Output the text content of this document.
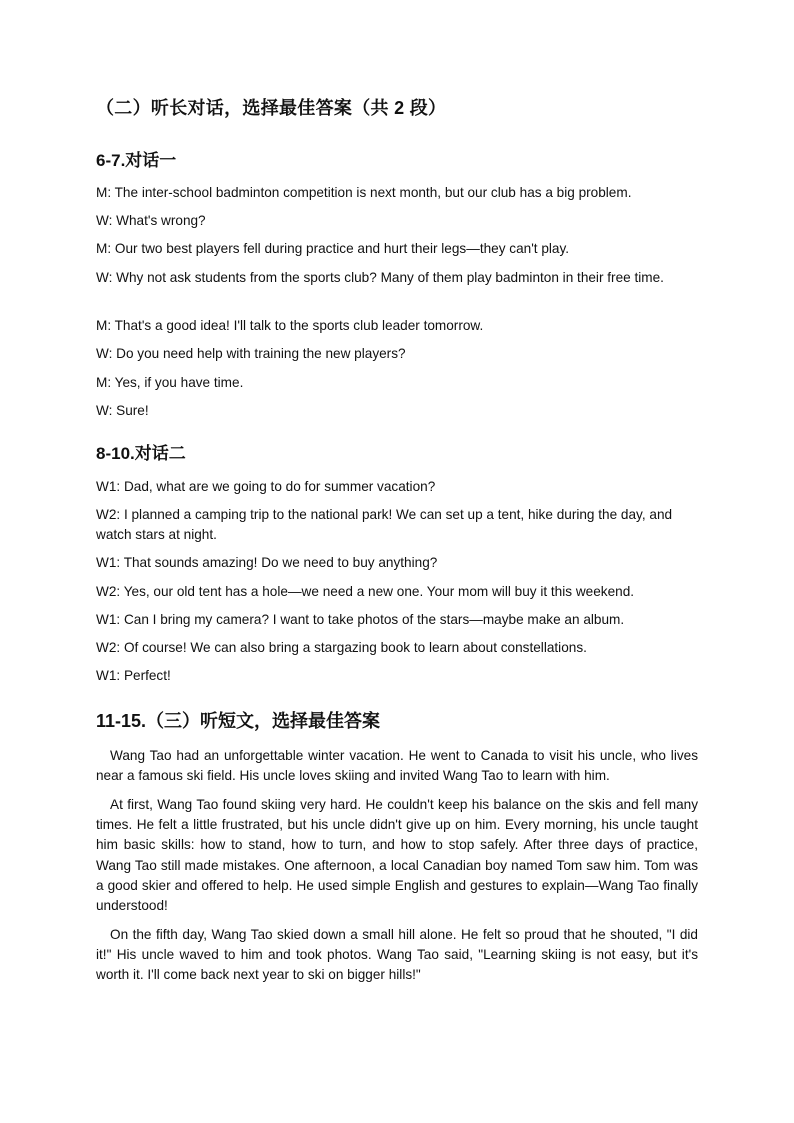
（二）听长对话，选择最佳答案（共 2 段）
6-7.对话一
M: The inter-school badminton competition is next month, but our club has a big problem.
W: What's wrong?
M: Our two best players fell during practice and hurt their legs—they can't play.
W: Why not ask students from the sports club? Many of them play badminton in their free time.
M: That's a good idea! I'll talk to the sports club leader tomorrow.
W: Do you need help with training the new players?
M: Yes, if you have time.
W: Sure!
8-10.对话二
W1: Dad, what are we going to do for summer vacation?
W2: I planned a camping trip to the national park! We can set up a tent, hike during the day, and watch stars at night.
W1: That sounds amazing! Do we need to buy anything?
W2: Yes, our old tent has a hole—we need a new one. Your mom will buy it this weekend.
W1: Can I bring my camera? I want to take photos of the stars—maybe make an album.
W2: Of course! We can also bring a stargazing book to learn about constellations.
W1: Perfect!
11-15.（三）听短文，选择最佳答案
Wang Tao had an unforgettable winter vacation. He went to Canada to visit his uncle, who lives near a famous ski field. His uncle loves skiing and invited Wang Tao to learn with him.
At first, Wang Tao found skiing very hard. He couldn't keep his balance on the skis and fell many times. He felt a little frustrated, but his uncle didn't give up on him. Every morning, his uncle taught him basic skills: how to stand, how to turn, and how to stop safely. After three days of practice, Wang Tao still made mistakes. One afternoon, a local Canadian boy named Tom saw him. Tom was a good skier and offered to help. He used simple English and gestures to explain—Wang Tao finally understood!
On the fifth day, Wang Tao skied down a small hill alone. He felt so proud that he shouted, "I did it!" His uncle waved to him and took photos. Wang Tao said, "Learning skiing is not easy, but it's worth it. I'll come back next year to ski on bigger hills!"
